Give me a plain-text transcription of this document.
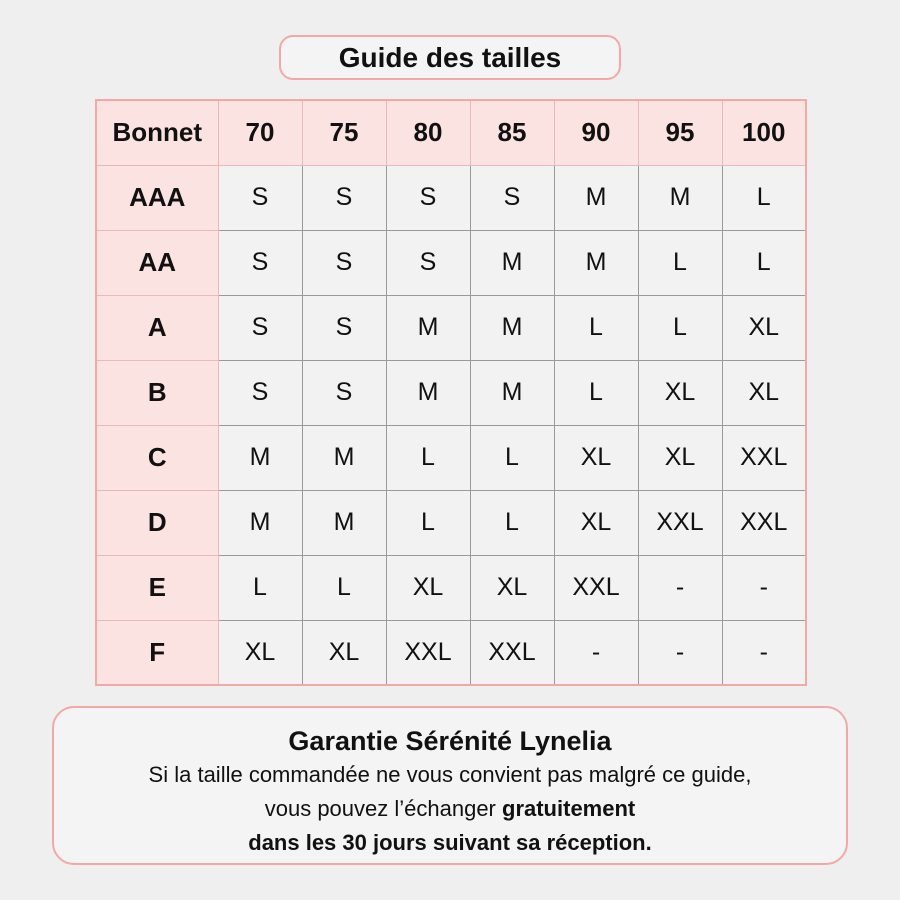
Guide des tailles
Bonnet	70	75	80	85	90	95	100
AAA	S	S	S	S	M	M	L
AA	S	S	S	M	M	L	L
A	S	S	M	M	L	L	XL
B	S	S	M	M	L	XL	XL
C	M	M	L	L	XL	XL	XXL
D	M	M	L	L	XL	XXL	XXL
E	L	L	XL	XL	XXL	-	-
F	XL	XL	XXL	XXL	-	-	-
Garantie Sérénité Lynelia
Si la taille commandée ne vous convient pas malgré ce guide,
vous pouvez l’échanger gratuitement
dans les 30 jours suivant sa réception.
